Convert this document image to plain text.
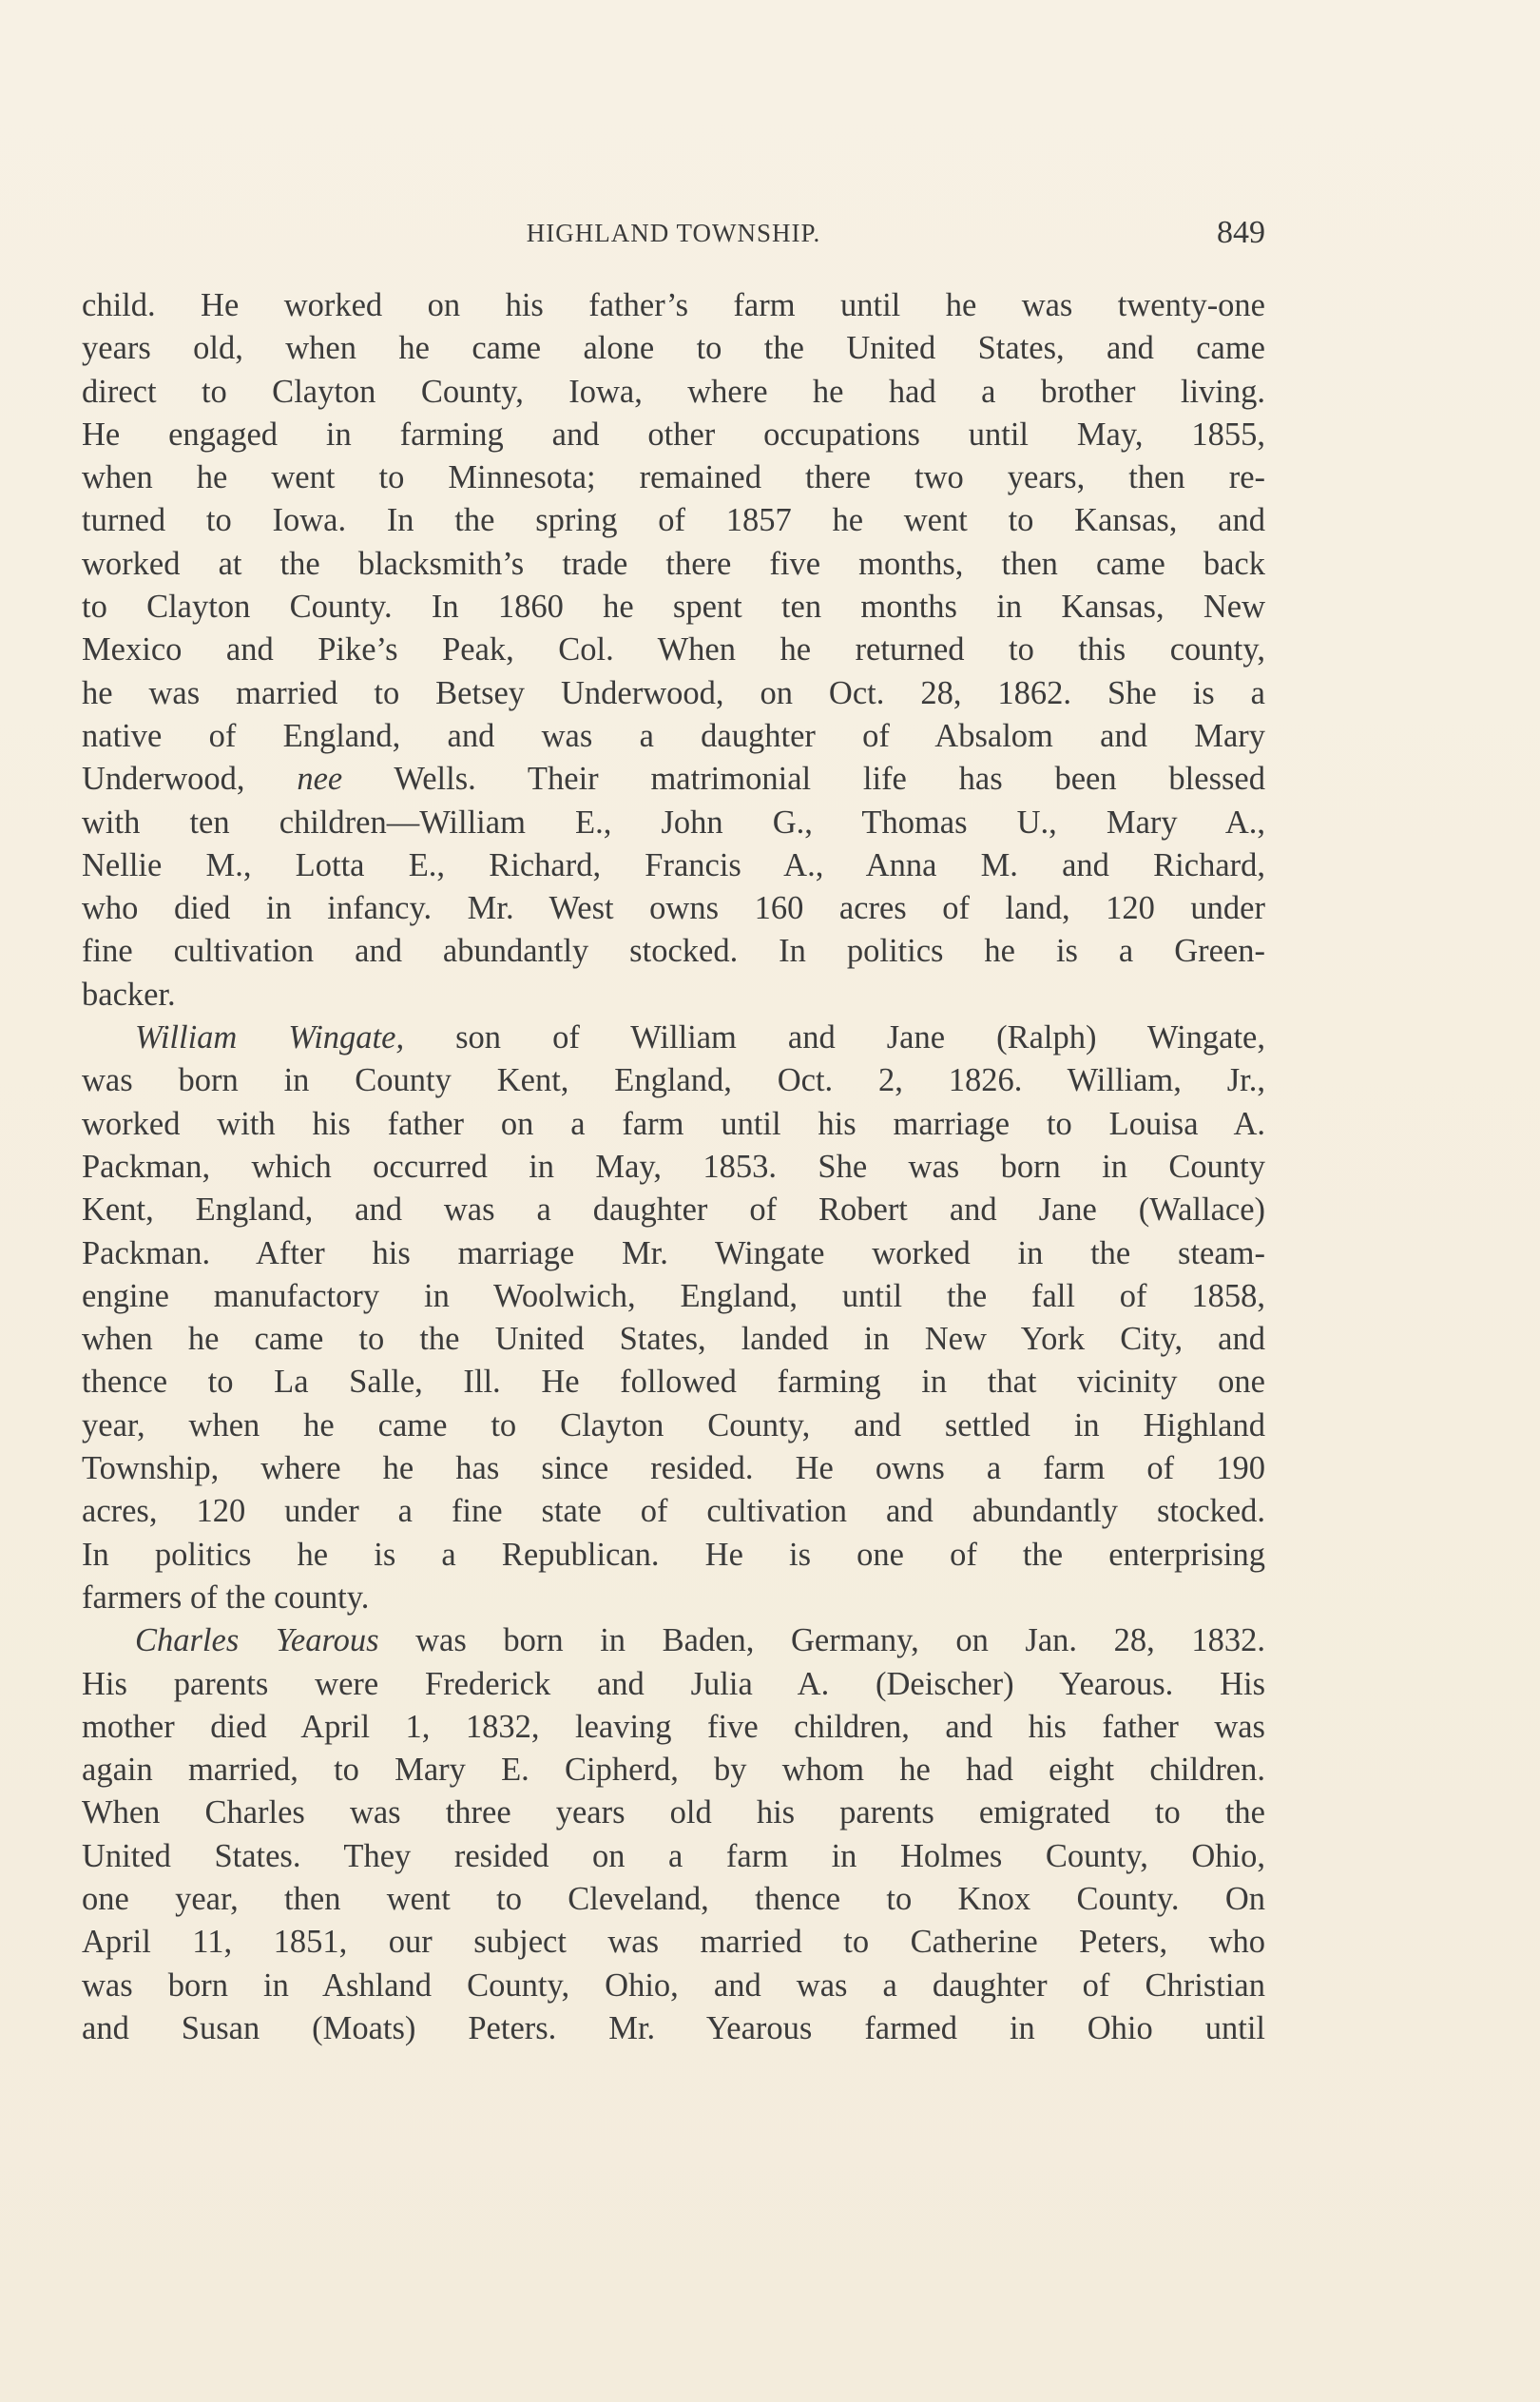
HIGHLAND TOWNSHIP.	849
child. He worked on his father’s farm until he was twenty-one
years old, when he came alone to the United States, and came
direct to Clayton County, Iowa, where he had a brother living.
He engaged in farming and other occupations until May, 1855,
when he went to Minnesota; remained there two years, then re-
turned to Iowa. In the spring of 1857 he went to Kansas, and
worked at the blacksmith’s trade there five months, then came back
to Clayton County. In 1860 he spent ten months in Kansas, New
Mexico and Pike’s Peak, Col. When he returned to this county,
he was married to Betsey Underwood, on Oct. 28, 1862. She is a
native of England, and was a daughter of Absalom and Mary
Underwood, nee Wells. Their matrimonial life has been blessed
with ten children—William E., John G., Thomas U., Mary A.,
Nellie M., Lotta E., Richard, Francis A., Anna M. and Richard,
who died in infancy. Mr. West owns 160 acres of land, 120 under
fine cultivation and abundantly stocked. In politics he is a Green-
backer.
William Wingate, son of William and Jane (Ralph) Wingate,
was born in County Kent, England, Oct. 2, 1826. William, Jr.,
worked with his father on a farm until his marriage to Louisa A.
Packman, which occurred in May, 1853. She was born in County
Kent, England, and was a daughter of Robert and Jane (Wallace)
Packman. After his marriage Mr. Wingate worked in the steam-
engine manufactory in Woolwich, England, until the fall of 1858,
when he came to the United States, landed in New York City, and
thence to La Salle, Ill. He followed farming in that vicinity one
year, when he came to Clayton County, and settled in Highland
Township, where he has since resided. He owns a farm of 190
acres, 120 under a fine state of cultivation and abundantly stocked.
In politics he is a Republican. He is one of the enterprising
farmers of the county.
Charles Yearous was born in Baden, Germany, on Jan. 28, 1832.
His parents were Frederick and Julia A. (Deischer) Yearous. His
mother died April 1, 1832, leaving five children, and his father was
again married, to Mary E. Cipherd, by whom he had eight children.
When Charles was three years old his parents emigrated to the
United States. They resided on a farm in Holmes County, Ohio,
one year, then went to Cleveland, thence to Knox County. On
April 11, 1851, our subject was married to Catherine Peters, who
was born in Ashland County, Ohio, and was a daughter of Christian
and Susan (Moats) Peters. Mr. Yearous farmed in Ohio until
